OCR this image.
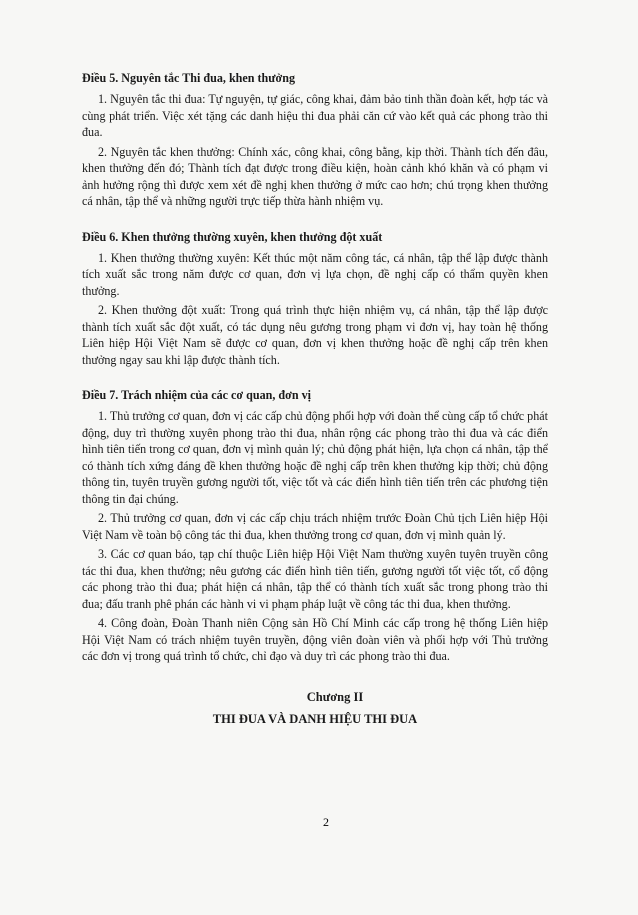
Điều 5. Nguyên tắc Thi đua, khen thưởng

1. Nguyên tắc thi đua: Tự nguyện, tự giác, công khai, đảm bảo tinh thần đoàn kết, hợp tác và cùng phát triển. Việc xét tặng các danh hiệu thi đua phải căn cứ vào kết quả các phong trào thi đua.

2. Nguyên tắc khen thưởng: Chính xác, công khai, công bằng, kịp thời. Thành tích đến đâu, khen thưởng đến đó; Thành tích đạt được trong điều kiện, hoàn cảnh khó khăn và có phạm vi ảnh hưởng rộng thì được xem xét đề nghị khen thưởng ở mức cao hơn; chú trọng khen thưởng cá nhân, tập thể và những người trực tiếp thừa hành nhiệm vụ.

Điều 6. Khen thưởng thường xuyên, khen thưởng đột xuất

1. Khen thưởng thường xuyên: Kết thúc một năm công tác, cá nhân, tập thể lập được thành tích xuất sắc trong năm được cơ quan, đơn vị lựa chọn, đề nghị cấp có thẩm quyền khen thưởng.

2. Khen thưởng đột xuất: Trong quá trình thực hiện nhiệm vụ, cá nhân, tập thể lập được thành tích xuất sắc đột xuất, có tác dụng nêu gương trong phạm vi đơn vị, hay toàn hệ thống Liên hiệp Hội Việt Nam sẽ được cơ quan, đơn vị khen thưởng hoặc đề nghị cấp trên khen thưởng ngay sau khi lập được thành tích.

Điều 7. Trách nhiệm của các cơ quan, đơn vị

1. Thủ trưởng cơ quan, đơn vị các cấp chủ động phối hợp với đoàn thể cùng cấp tổ chức phát động, duy trì thường xuyên phong trào thi đua, nhân rộng các phong trào thi đua và các điển hình tiên tiến trong cơ quan, đơn vị mình quản lý; chủ động phát hiện, lựa chọn cá nhân, tập thể có thành tích xứng đáng đề khen thưởng hoặc đề nghị cấp trên khen thưởng kịp thời; chủ động thông tin, tuyên truyền gương người tốt, việc tốt và các điển hình tiên tiến trên các phương tiện thông tin đại chúng.

2. Thủ trưởng cơ quan, đơn vị các cấp chịu trách nhiệm trước Đoàn Chủ tịch Liên hiệp Hội Việt Nam về toàn bộ công tác thi đua, khen thưởng trong cơ quan, đơn vị mình quản lý.

3. Các cơ quan báo, tạp chí thuộc Liên hiệp Hội Việt Nam thường xuyên tuyên truyền công tác thi đua, khen thưởng; nêu gương các điển hình tiên tiến, gương người tốt việc tốt, cổ động các phong trào thi đua; phát hiện cá nhân, tập thể có thành tích xuất sắc trong phong trào thi đua; đấu tranh phê phán các hành vi vi phạm pháp luật về công tác thi đua, khen thưởng.

4. Công đoàn, Đoàn Thanh niên Cộng sản Hồ Chí Minh các cấp trong hệ thống Liên hiệp Hội Việt Nam có trách nhiệm tuyên truyền, động viên đoàn viên và phối hợp với Thủ trưởng các đơn vị trong quá trình tổ chức, chỉ đạo và duy trì các phong trào thi đua.

Chương II
THI ĐUA VÀ DANH HIỆU THI ĐUA
2
